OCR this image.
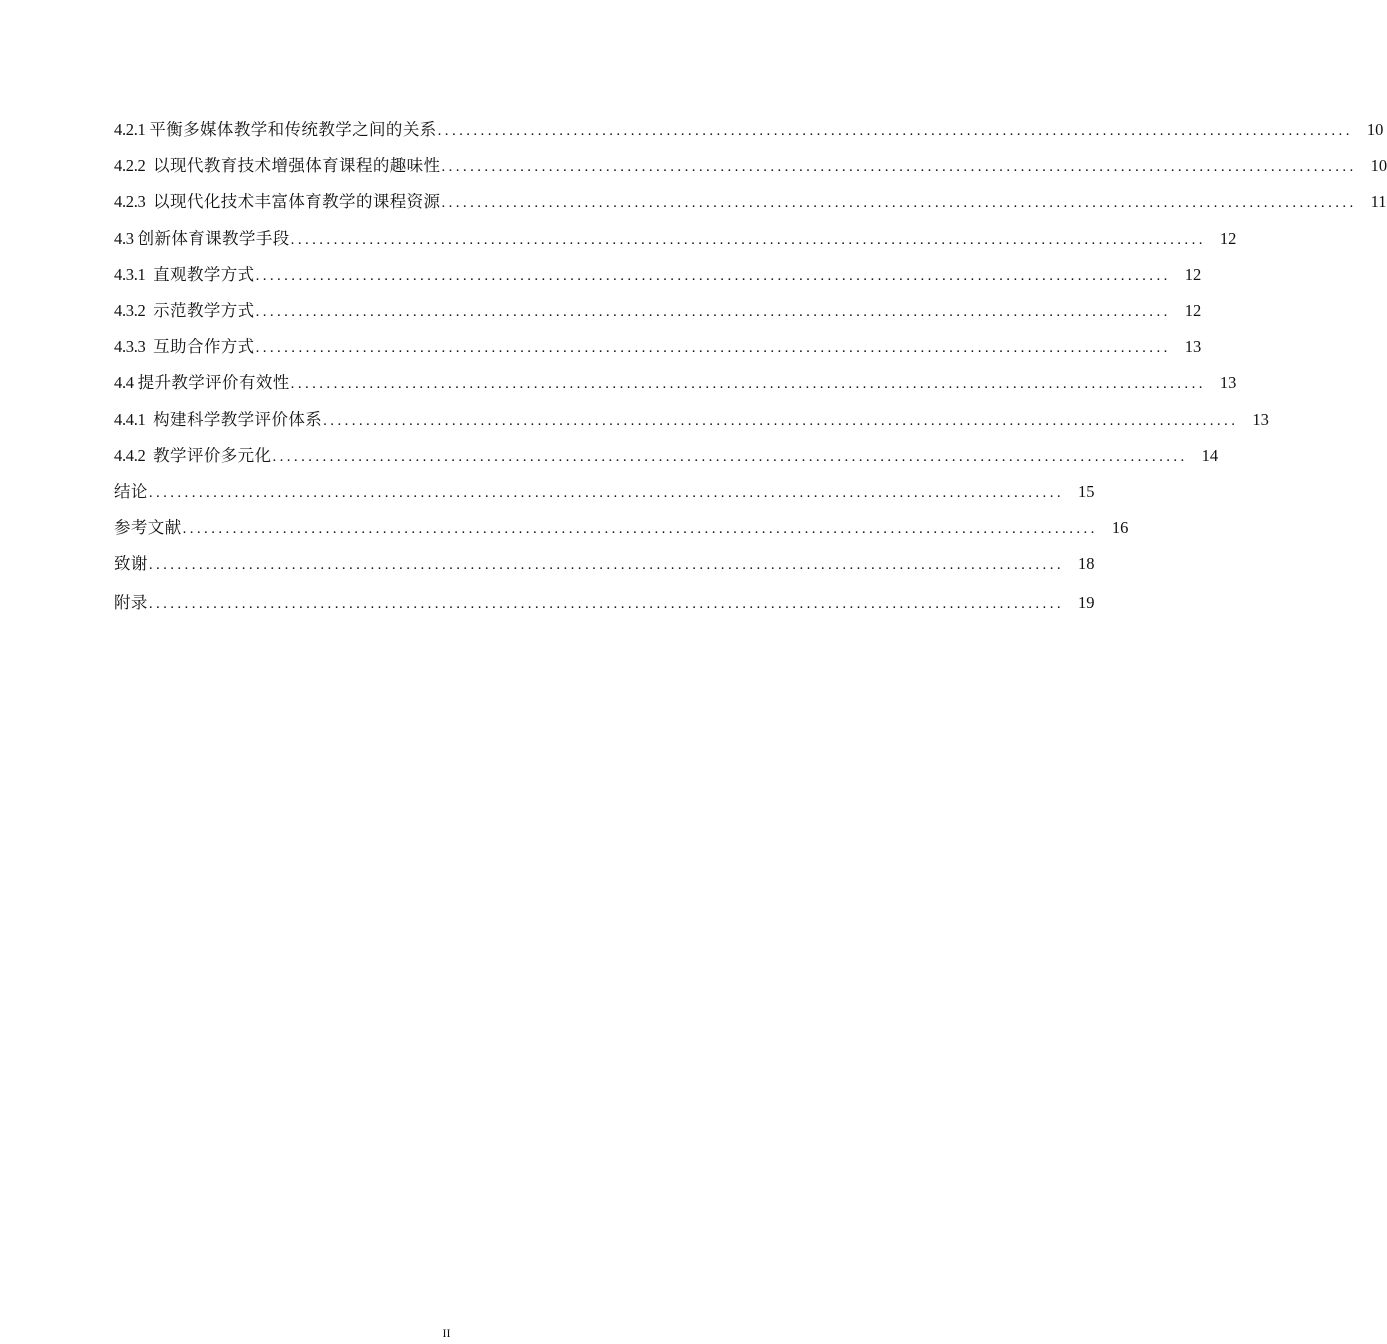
4.2.1 平衡多媒体教学和传统教学之间的关系 ................................................................................................................................ 10
4.2.2 以现代教育技术增强体育课程的趣味性 ................................................................................................................................ 10
4.2.3 以现代化技术丰富体育教学的课程资源 ................................................................................................................................ 11
4.3 创新体育课教学手段 ................................................................................................................................ 12
4.3.1 直观教学方式 ................................................................................................................................ 12
4.3.2 示范教学方式 ................................................................................................................................ 12
4.3.3 互助合作方式 ................................................................................................................................ 13
4.4 提升教学评价有效性 ................................................................................................................................ 13
4.4.1 构建科学教学评价体系 ................................................................................................................................ 13
4.4.2 教学评价多元化 ................................................................................................................................ 14
结论 ................................................................................................................................ 15
参考文献 ................................................................................................................................ 16
致谢 ................................................................................................................................ 18
附录 ................................................................................................................................ 19
II
